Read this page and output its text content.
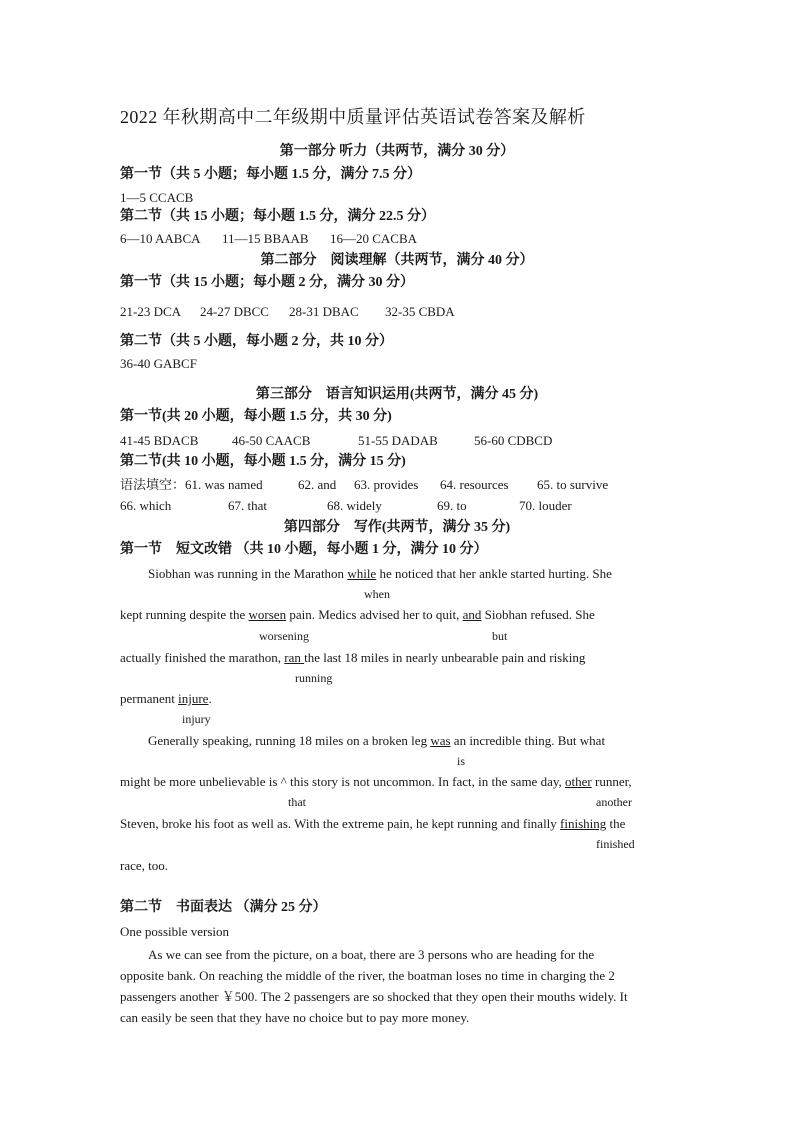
2022 年秋期高中二年级期中质量评估英语试卷答案及解析
第一部分 听力（共两节，满分 30 分）
第一节（共 5 小题；每小题 1.5 分，满分 7.5 分）
1—5 CCACB
第二节（共 15 小题；每小题 1.5 分，满分 22.5 分）
6—10 AABCA 11—15 BBAAB 16—20 CACBA
第二部分　阅读理解（共两节，满分 40 分）
第一节（共 15 小题；每小题 2 分，满分 30 分）
21-23 DCA 24-27 DBCC 28-31 DBAC 32-35 CBDA
第二节（共 5 小题，每小题 2 分，共 10 分）
36-40 GABCF
第三部分　语言知识运用(共两节，满分 45 分)
第一节(共 20 小题，每小题 1.5 分，共 30 分)
41-45 BDACB	46-50 CAACB	51-55 DADAB	56-60 CDBCD
第二节(共 10 小题，每小题 1.5 分，满分 15 分)
语法填空：61. was named	62. and 63. provides 64. resources 65. to survive
66. which	67. that	68. widely	69. to	70. louder
第四部分　写作(共两节，满分 35 分)
第一节　短文改错 （共 10 小题，每小题 1 分，满分 10 分）
Siobhan was running in the Marathon while he noticed that her ankle started hurting. She
when
kept running despite the worsen pain. Medics advised her to quit, and Siobhan refused. She
worsening	but
actually finished the marathon, ran the last 18 miles in nearly unbearable pain and risking
running
permanent injure.
injury
Generally speaking, running 18 miles on a broken leg was an incredible thing. But what
is
might be more unbelievable is ^ this story is not uncommon. In fact, in the same day, other runner,
that	another
Steven, broke his foot as well as. With the extreme pain, he kept running and finally finishing the
finished
race, too.
第二节　书面表达 （满分 25 分）
One possible version
As we can see from the picture, on a boat, there are 3 persons who are heading for the
opposite bank. On reaching the middle of the river, the boatman loses no time in charging the 2
passengers another ￥500. The 2 passengers are so shocked that they open their mouths widely. It
can easily be seen that they have no choice but to pay more money.
